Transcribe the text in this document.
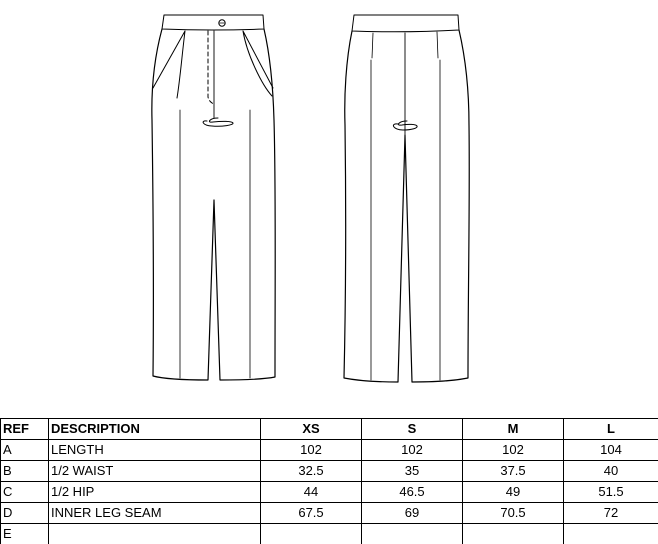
REF	DESCRIPTION	XS	S	M	L
A	LENGTH	102	102	102	104
B	1/2 WAIST	32.5	35	37.5	40
C	1/2 HIP	44	46.5	49	51.5
D	INNER LEG SEAM	67.5	69	70.5	72
E					
